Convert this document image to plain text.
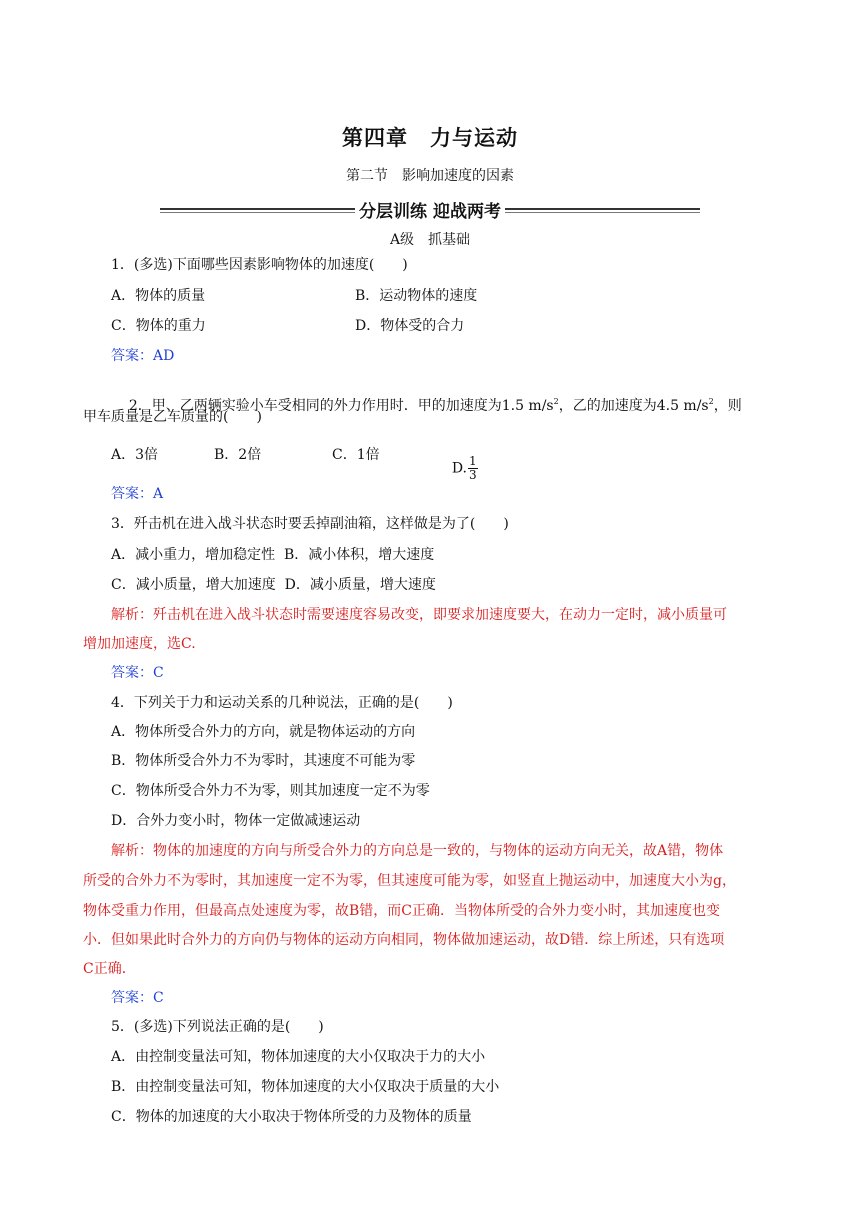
第四章　力与运动
第二节　影响加速度的因素
分层训练 迎战两考
A级　抓基础
1．(多选)下面哪些因素影响物体的加速度(　　)
A．物体的质量	B．运动物体的速度
C．物体的重力	D．物体受的合力
答案：AD

2．甲、乙两辆实验小车受相同的外力作用时．甲的加速度为1.5 $m/s^2$，乙的加速度为4.5 $m/s^2$，则

甲车质量是乙车质量的(　　)
A．3倍	B．2倍	C．1倍

D. $\frac{1}{3}$

答案：A
3．歼击机在进入战斗状态时要丢掉副油箱，这样做是为了(　　)
A．减小重力，增加稳定性  B．减小体积，增大速度
C．减小质量，增大加速度  D．减小质量，增大速度
解析：歼击机在进入战斗状态时需要速度容易改变，即要求加速度要大，在动力一定时，减小质量可
增加加速度，选C.
答案：C
4．下列关于力和运动关系的几种说法，正确的是(　　)
A．物体所受合外力的方向，就是物体运动的方向
B．物体所受合外力不为零时，其速度不可能为零
C．物体所受合外力不为零，则其加速度一定不为零
D．合外力变小时，物体一定做减速运动
解析：物体的加速度的方向与所受合外力的方向总是一致的，与物体的运动方向无关，故A错，物体
所受的合外力不为零时，其加速度一定不为零，但其速度可能为零，如竖直上抛运动中，加速度大小为g，
物体受重力作用，但最高点处速度为零，故B错，而C正确．当物体所受的合外力变小时，其加速度也变
小．但如果此时合外力的方向仍与物体的运动方向相同，物体做加速运动，故D错．综上所述，只有选项
C正确．
答案：C
5．(多选)下列说法正确的是(　　)
A．由控制变量法可知，物体加速度的大小仅取决于力的大小
B．由控制变量法可知，物体加速度的大小仅取决于质量的大小
C．物体的加速度的大小取决于物体所受的力及物体的质量
